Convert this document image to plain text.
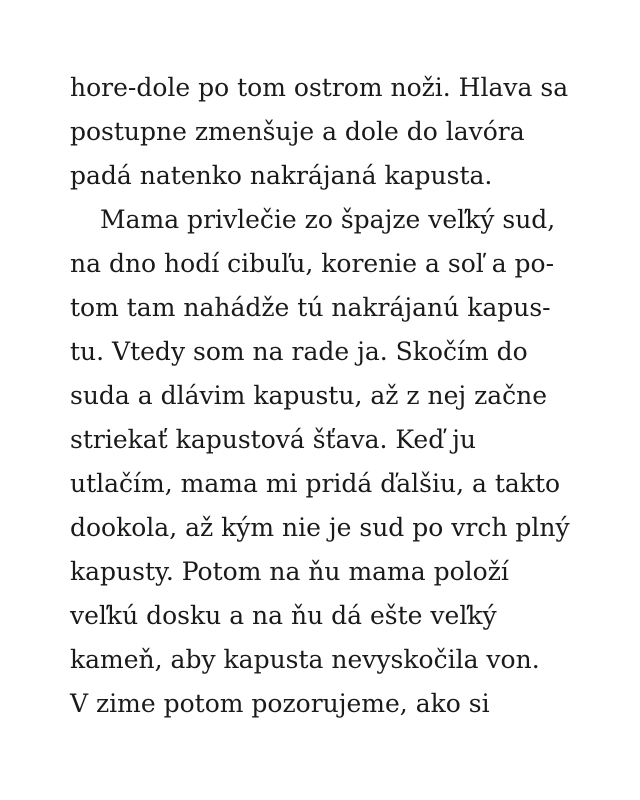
hore-dole po tom ostrom noži. Hlava sa
postupne zmenšuje a dole do lavóra
padá natenko nakrájaná kapusta.
Mama privlečie zo špajze veľký sud,
na dno hodí cibuľu, korenie a soľ a po-
tom tam nahádže tú nakrájanú kapus-
tu. Vtedy som na rade ja. Skočím do
suda a dlávim kapustu, až z nej začne
striekať kapustová šťava. Keď ju
utlačím, mama mi pridá ďalšiu, a takto
dookola, až kým nie je sud po vrch plný
kapusty. Potom na ňu mama položí
veľkú dosku a na ňu dá ešte veľký
kameň, aby kapusta nevyskočila von.
V zime potom pozorujeme, ako si
